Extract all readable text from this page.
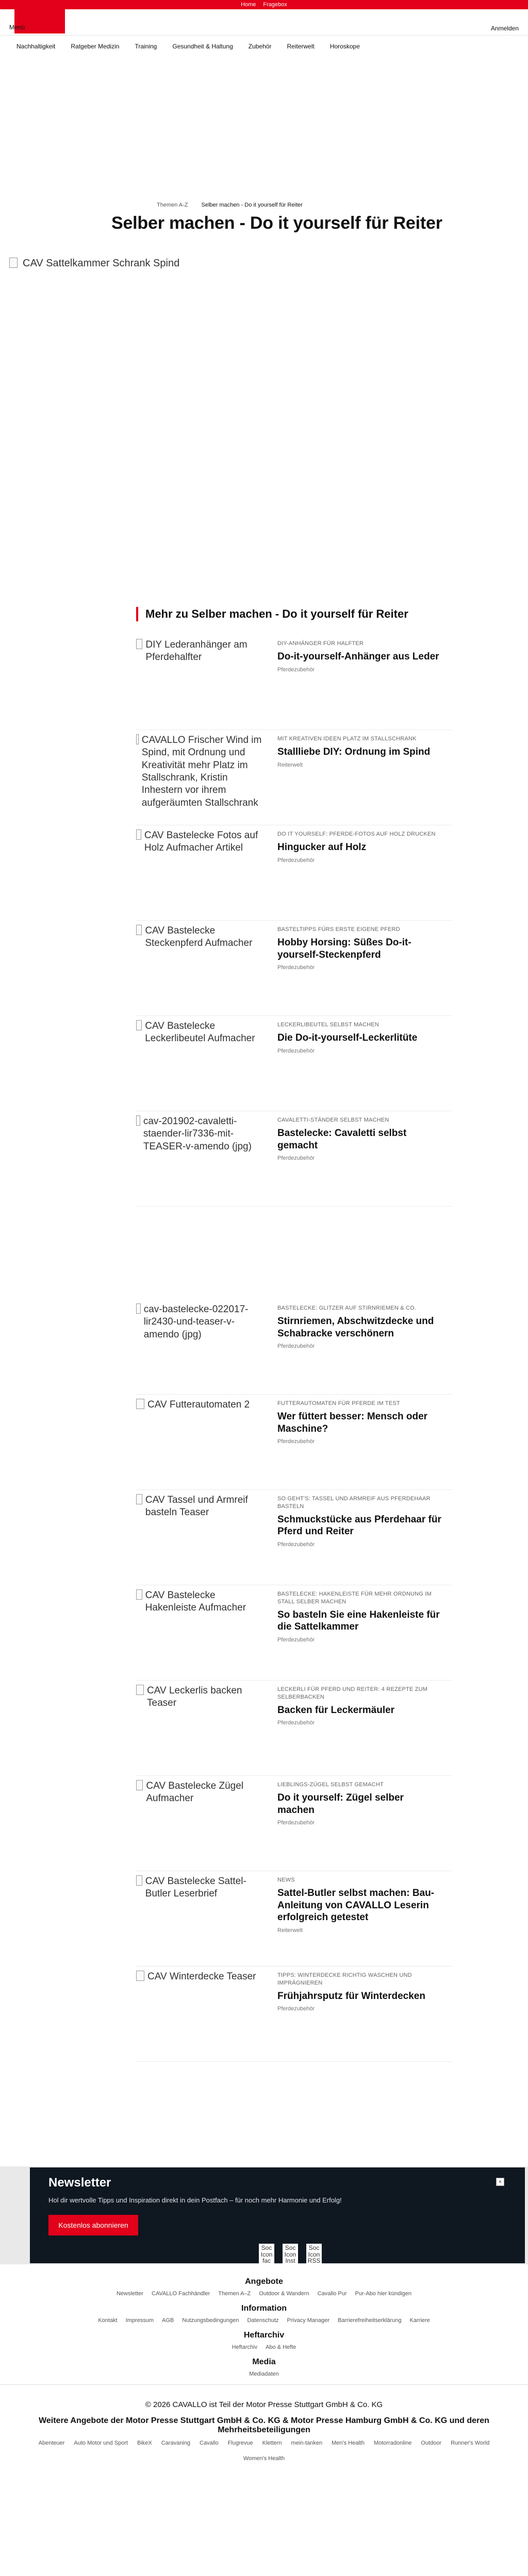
Home Fragebox
Menü	Anmelden
Nachhaltigkeit	Ratgeber Medizin	Training	Gesundheit & Haltung	Zubehör	Reiterwelt	Horoskope
Themen A-Z Selber machen - Do it yourself für Reiter
Selber machen - Do it yourself für Reiter
CAV Sattelkammer Schrank Spind
Mehr zu Selber machen - Do it yourself für Reiter
DIY Lederanhänger am Pferdehalfter
DIY-ANHÄNGER FÜR HALFTER
Do-it-yourself-Anhänger aus Leder
Pferdezubehör
CAVALLO Frischer Wind im Spind, mit Ordnung und Kreativität mehr Platz im Stallschrank, Kristin Inhestern vor ihrem aufgeräumten Stallschrank
MIT KREATIVEN IDEEN PLATZ IM STALLSCHRANK
Stallliebe DIY: Ordnung im Spind
Reiterwelt
CAV Bastelecke Fotos auf Holz Aufmacher Artikel
DO IT YOURSELF: PFERDE-FOTOS AUF HOLZ DRUCKEN
Hingucker auf Holz
Pferdezubehör
CAV Bastelecke Steckenpferd Aufmacher
BASTELTIPPS FÜRS ERSTE EIGENE PFERD
Hobby Horsing: Süßes Do-it-yourself-Steckenpferd
Pferdezubehör
CAV Bastelecke Leckerlibeutel Aufmacher
LECKERLIBEUTEL SELBST MACHEN
Die Do-it-yourself-Leckerlitüte
Pferdezubehör
cav-201902-cavaletti-staender-lir7336-mit-TEASER-v-amendo (jpg)
CAVALETTI-STÄNDER SELBST MACHEN
Bastelecke: Cavaletti selbst gemacht
Pferdezubehör
cav-bastelecke-022017-lir2430-und-teaser-v-amendo (jpg)
BASTELECKE: GLITZER AUF STIRNRIEMEN & CO.
Stirnriemen, Abschwitzdecke und Schabracke verschönern
Pferdezubehör
CAV Futterautomaten 2	FUTTERAUTOMATEN FÜR PFERDE IM TEST
Wer füttert besser: Mensch oder Maschine?
Pferdezubehör
CAV Tassel und Armreif basteln Teaser
SO GEHT'S: TASSEL UND ARMREIF AUS PFERDEHAAR BASTELN
Schmuckstücke aus Pferdehaar für Pferd und Reiter
Pferdezubehör
CAV Bastelecke Hakenleiste Aufmacher
BASTELECKE: HAKENLEISTE FÜR MEHR ORDNUNG IM STALL SELBER MACHEN
So basteln Sie eine Hakenleiste für die Sattelkammer
Pferdezubehör
CAV Leckerlis backen Teaser
LECKERLI FÜR PFERD UND REITER: 4 REZEPTE ZUM SELBERBACKEN
Backen für Leckermäuler
Pferdezubehör
CAV Bastelecke Zügel Aufmacher
LIEBLINGS-ZÜGEL SELBST GEMACHT
Do it yourself: Zügel selber machen
Pferdezubehör
CAV Bastelecke Sattel-Butler Leserbrief
NEWS
Sattel-Butler selbst machen: Bau-Anleitung von CAVALLO Leserin erfolgreich getestet
Reiterwelt
CAV Winterdecke Teaser	TIPPS: WINTERDECKE RICHTIG WASCHEN UND IMPRÄGNIEREN
Frühjahrsputz für Winterdecken
Pferdezubehör
Newsletter
Hol dir wertvolle Tipps und Inspiration direkt in dein Postfach – für noch mehr Harmonie und Erfolg!
Kostenlos abonnieren
×
Soc Icon fac
Soc Icon Inst
Soc Icon RSS
Angebote
Newsletter CAVALLO Fachhändler Themen A–Z Outdoor & Wandern Cavallo Pur Pur-Abo hier kündigen
Information
Kontakt Impressum AGB Nutzungsbedingungen Datenschutz Privacy Manager Barrierefreiheitserklärung Karriere
Heftarchiv
Heftarchiv Abo & Hefte
Media
Mediadaten
© 2026 CAVALLO ist Teil der Motor Presse Stuttgart GmbH & Co. KG
Weitere Angebote der Motor Presse Stuttgart GmbH & Co. KG & Motor Presse Hamburg GmbH & Co. KG und deren Mehrheitsbeteiligungen
Abenteuer Auto Motor und Sport BikeX Caravaning Cavallo Flugrevue Klettern mein-tanken Men's Health Motorradonline Outdoor Runner's World
Women's Health
